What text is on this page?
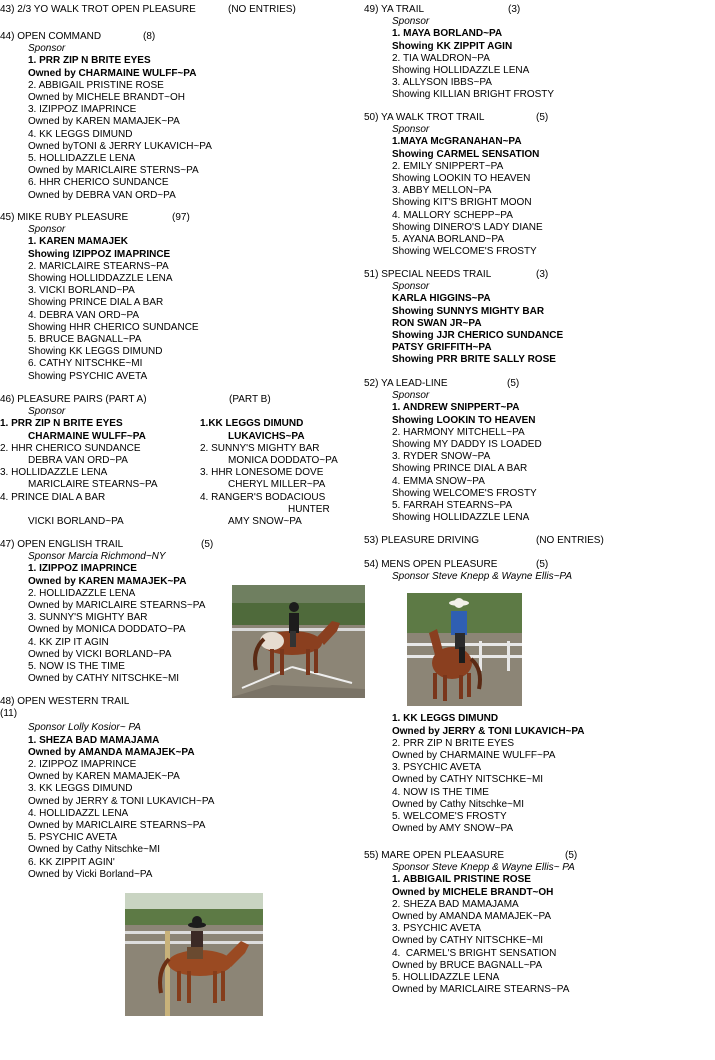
43) 2/3 YO WALK TROT OPEN PLEASURE	(NO ENTRIES)
44) OPEN COMMAND	(8)
Sponsor
1. PRR ZIP N BRITE EYES
Owned by CHARMAINE WULFF~PA
2. ABBIGAIL PRISTINE ROSE
Owned by MICHELE BRANDT~OH
3. IZIPPOZ IMAPRINCE
Owned by KAREN MAMAJEK~PA
4. KK LEGGS DIMUND
Owned byTONI & JERRY LUKAVICH~PA
5. HOLLIDAZZLE LENA
Owned by MARICLAIRE STERNS~PA
6. HHR CHERICO SUNDANCE
Owned by DEBRA VAN ORD~PA
45) MIKE RUBY PLEASURE	(97)
Sponsor
1. KAREN MAMAJEK
Showing IZIPPOZ IMAPRINCE
2. MARICLAIRE STEARNS~PA
Showing HOLLIDDAZZLE LENA
3. VICKI BORLAND~PA
Showing PRINCE DIAL A BAR
4. DEBRA VAN ORD~PA
Showing HHR CHERICO SUNDANCE
5. BRUCE BAGNALL~PA
Showing KK LEGGS DIMUND
6. CATHY NITSCHKE~MI
Showing PSYCHIC AVETA
46) PLEASURE PAIRS (PART A)	(PART B)
Sponsor
1. PRR ZIP N BRITE EYES
CHARMAINE WULFF~PA
2. HHR CHERICO SUNDANCE
DEBRA VAN ORD~PA
3. HOLLIDAZZLE LENA
MARICLAIRE STEARNS~PA
4. PRINCE DIAL A BAR

VICKI BORLAND~PA
1.KK LEGGS DIMUND
LUKAVICHS~PA
2. SUNNY'S MIGHTY BAR
MONICA DODDATO~PA
3. HHR LONESOME DOVE
CHERYL MILLER~PA
4. RANGER'S BODACIOUS
HUNTER
AMY SNOW~PA
47) OPEN ENGLISH TRAIL	(5)
Sponsor Marcia Richmond~NY
1. IZIPPOZ IMAPRINCE
Owned by KAREN MAMAJEK~PA
2. HOLLIDAZZLE LENA
Owned by MARICLAIRE STEARNS~PA
3. SUNNY'S MIGHTY BAR
Owned by MONICA DODDATO~PA
4. KK ZIP IT AGIN
Owned by VICKI BORLAND~PA
5. NOW IS THE TIME
Owned by CATHY NITSCHKE~MI
48) OPEN WESTERN TRAIL
(11)
Sponsor Lolly Kosior~ PA
1. SHEZA BAD MAMAJAMA
Owned by AMANDA MAMAJEK~PA
2. IZIPPOZ IMAPRINCE
Owned by KAREN MAMAJEK~PA
3. KK LEGGS DIMUND
Owned by JERRY & TONI LUKAVICH~PA
4. HOLLIDAZZL LENA
Owned by MARICLAIRE STEARNS~PA
5. PSYCHIC AVETA
Owned by Cathy Nitschke~MI
6. KK ZIPPIT AGIN'
Owned by Vicki Borland~PA
49) YA TRAIL	(3)
Sponsor
1. MAYA BORLAND~PA
Showing KK ZIPPIT AGIN
2. TIA WALDRON~PA
Showing HOLLIDAZZLE LENA
3. ALLYSON IBBS~PA
Showing KILLIAN BRIGHT FROSTY
50) YA WALK TROT TRAIL	(5)
Sponsor
1.MAYA McGRANAHAN~PA
Showing CARMEL SENSATION
2. EMILY SNIPPERT~PA
Showing LOOKIN TO HEAVEN
3. ABBY MELLON~PA
Showing KIT'S BRIGHT MOON
4. MALLORY SCHEPP~PA
Showing DINERO'S LADY DIANE
5. AYANA BORLAND~PA
Showing WELCOME'S FROSTY
51) SPECIAL NEEDS TRAIL	(3)
Sponsor
KARLA HIGGINS~PA
Showing SUNNYS MIGHTY BAR
RON SWAN JR~PA
Showing JJR CHERICO SUNDANCE
PATSY GRIFFITH~PA
Showing PRR BRITE SALLY ROSE
52) YA LEAD-LINE	(5)
Sponsor
1. ANDREW SNIPPERT~PA
Showing LOOKIN TO HEAVEN
2. HARMONY MITCHELL~PA
Showing MY DADDY IS LOADED
3. RYDER SNOW~PA
Showing PRINCE DIAL A BAR
4. EMMA SNOW~PA
Showing WELCOME'S FROSTY
5. FARRAH STEARNS~PA
Showing HOLLIDAZZLE LENA
53) PLEASURE DRIVING	(NO ENTRIES)
54) MENS OPEN PLEASURE	(5)
Sponsor Steve Knepp & Wayne Ellis~PA
1. KK LEGGS DIMUND
Owned by JERRY & TONI LUKAVICH~PA
2. PRR ZIP N BRITE EYES
Owned by CHARMAINE WULFF~PA
3. PSYCHIC AVETA
Owned by CATHY NITSCHKE~MI
4. NOW IS THE TIME
Owned by Cathy Nitschke~MI
5. WELCOME'S FROSTY
Owned by AMY SNOW~PA
55) MARE OPEN PLEAASURE	(5)
Sponsor Steve Knepp & Wayne Ellis~ PA
1. ABBIGAIL PRISTINE ROSE
Owned by MICHELE BRANDT~OH
2. SHEZA BAD MAMAJAMA
Owned by AMANDA MAMAJEK~PA
3. PSYCHIC AVETA
Owned by CATHY NITSCHKE~MI
4.  CARMEL'S BRIGHT SENSATION
Owned by BRUCE BAGNALL~PA
5. HOLLIDAZZLE LENA
Owned by MARICLAIRE STEARNS~PA
